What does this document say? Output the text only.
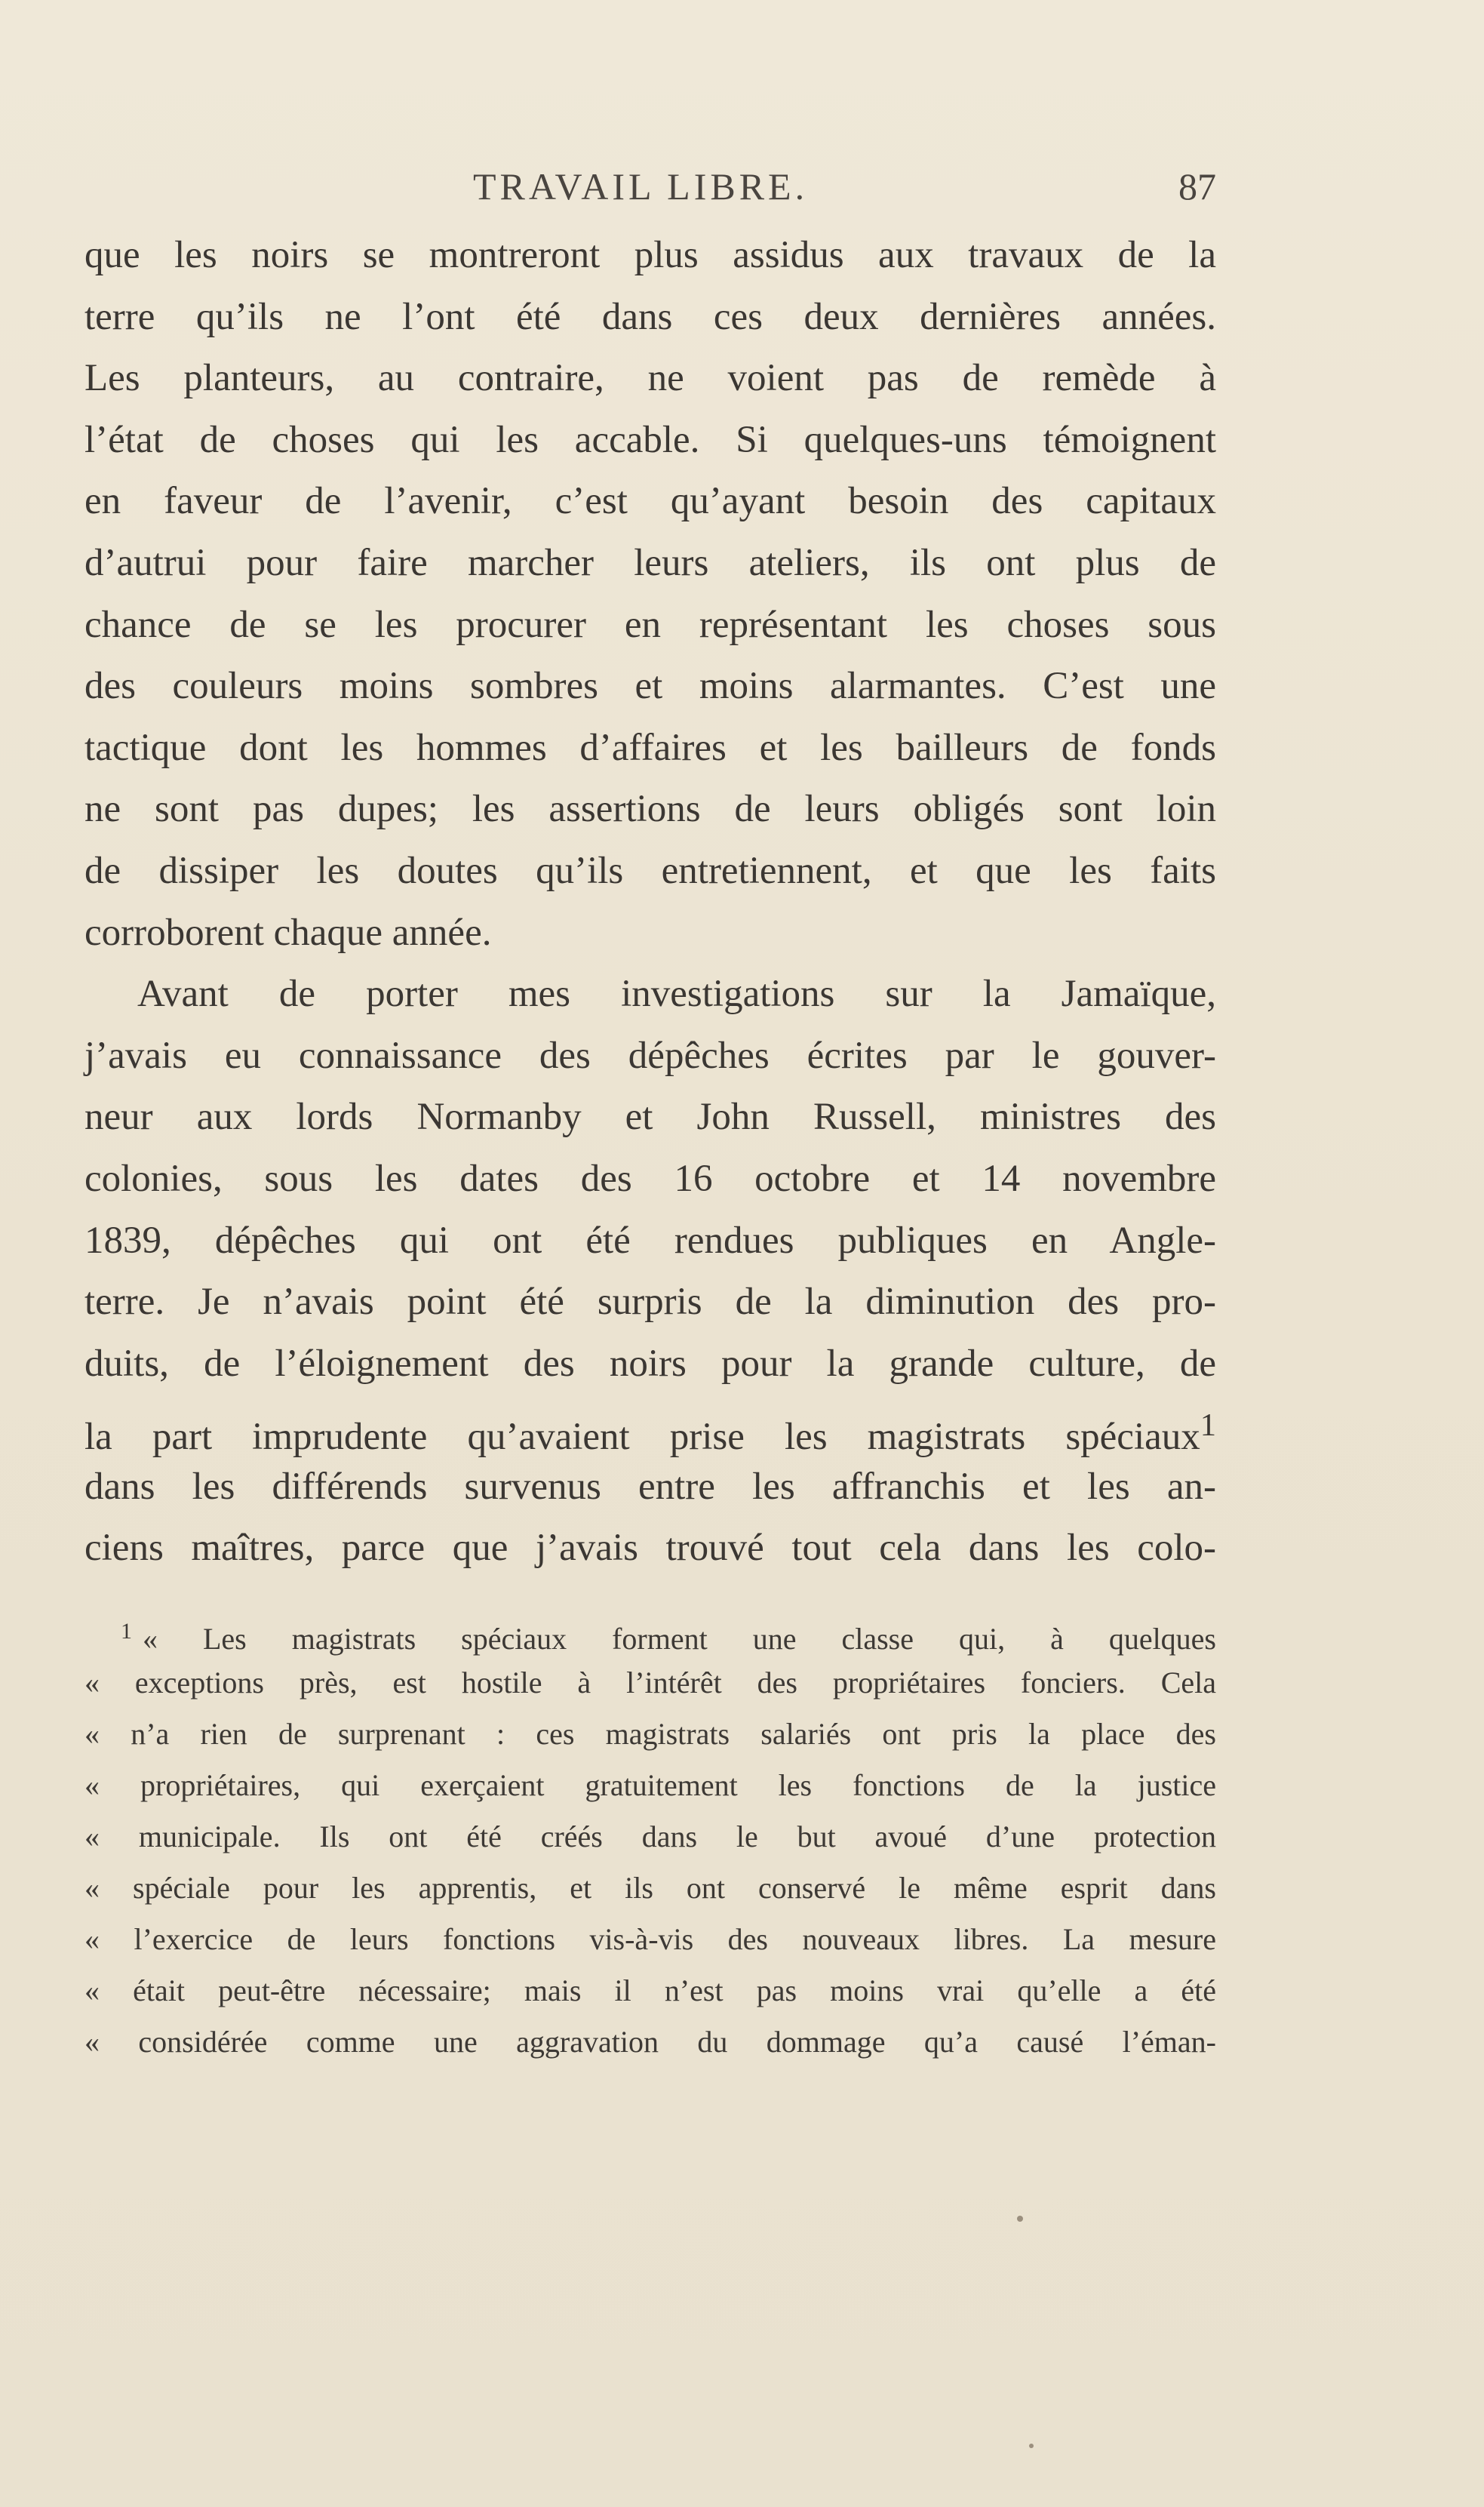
TRAVAIL LIBRE.	87
que les noirs se montreront plus assidus aux travaux de la
terre qu’ils ne l’ont été dans ces deux dernières années.
Les planteurs, au contraire, ne voient pas de remède à
l’état de choses qui les accable. Si quelques-uns témoignent
en faveur de l’avenir, c’est qu’ayant besoin des capitaux
d’autrui pour faire marcher leurs ateliers, ils ont plus de
chance de se les procurer en représentant les choses sous
des couleurs moins sombres et moins alarmantes. C’est une
tactique dont les hommes d’affaires et les bailleurs de fonds
ne sont pas dupes; les assertions de leurs obligés sont loin
de dissiper les doutes qu’ils entretiennent, et que les faits
corroborent chaque année.
Avant de porter mes investigations sur la Jamaïque,
j’avais eu connaissance des dépêches écrites par le gouver-
neur aux lords Normanby et John Russell, ministres des
colonies, sous les dates des 16 octobre et 14 novembre
1839, dépêches qui ont été rendues publiques en Angle-
terre. Je n’avais point été surpris de la diminution des pro-
duits, de l’éloignement des noirs pour la grande culture, de
la part imprudente qu’avaient prise les magistrats spéciaux$^1$
dans les différends survenus entre les affranchis et les an-
ciens maîtres, parce que j’avais trouvé tout cela dans les colo-
$^1$ « Les magistrats spéciaux forment une classe qui, à quelques
« exceptions près, est hostile à l’intérêt des propriétaires fonciers. Cela
« n’a rien de surprenant : ces magistrats salariés ont pris la place des
« propriétaires, qui exerçaient gratuitement les fonctions de la justice
« municipale. Ils ont été créés dans le but avoué d’une protection
« spéciale pour les apprentis, et ils ont conservé le même esprit dans
« l’exercice de leurs fonctions vis-à-vis des nouveaux libres. La mesure
« était peut-être nécessaire; mais il n’est pas moins vrai qu’elle a été
« considérée comme une aggravation du dommage qu’a causé l’éman-
